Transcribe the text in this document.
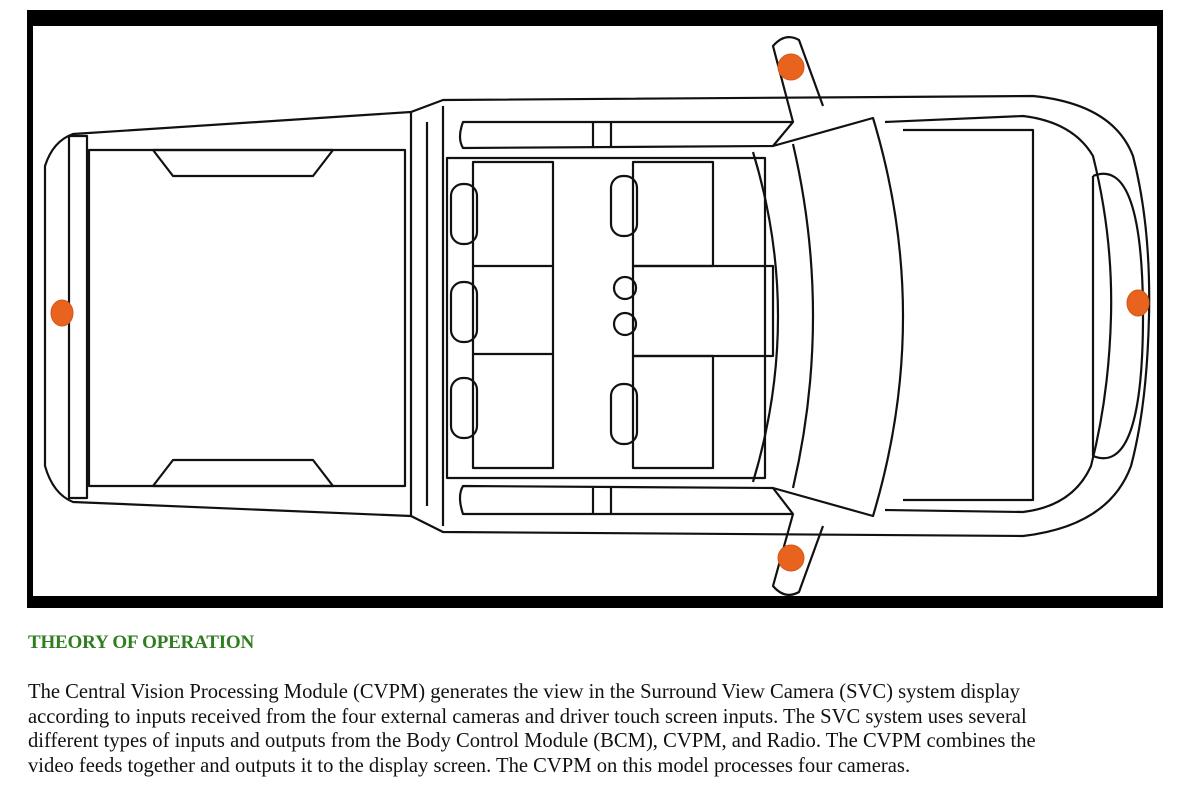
THEORY OF OPERATION

The Central Vision Processing Module (CVPM) generates the view in the Surround View Camera (SVC) system display
according to inputs received from the four external cameras and driver touch screen inputs. The SVC system uses several
different types of inputs and outputs from the Body Control Module (BCM), CVPM, and Radio. The CVPM combines the
video feeds together and outputs it to the display screen. The CVPM on this model processes four cameras.
